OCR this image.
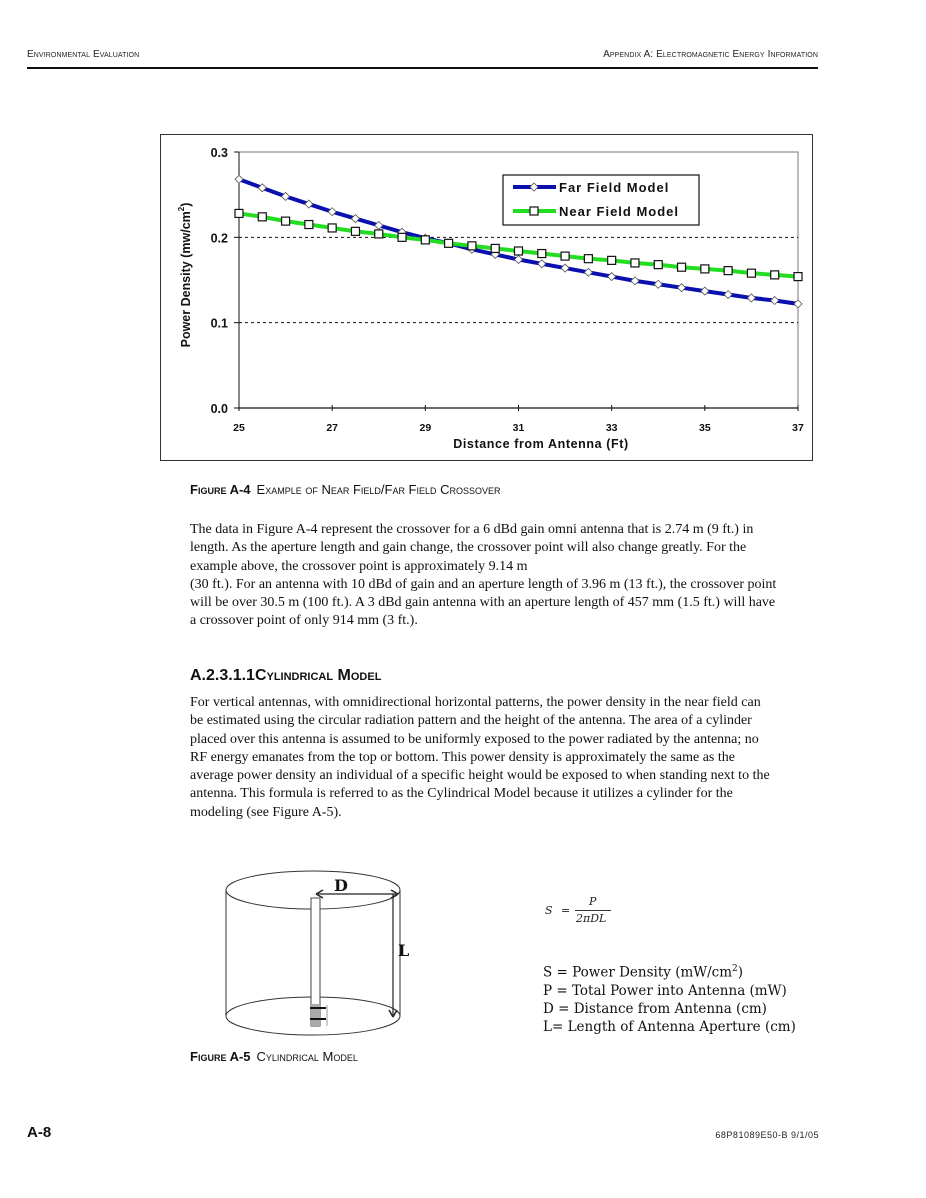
Environmental Evaluation	Appendix A: Electromagnetic Energy Information
0.0
0.1
0.2
0.3
25	27	29	31	33	35	37
Distance from Antenna (Ft)
Power Density $(mw/cm^2)$
Far Field Model
Near Field Model
Figure A-4 Example of Near Field/Far Field Crossover
The data in Figure A-4 represent the crossover for a 6 dBd gain omni antenna that is 2.74 m (9 ft.) in
length. As the aperture length and gain change, the crossover point will also change greatly. For the
example above, the crossover point is approximately 9.14 m
(30 ft.). For an antenna with 10 dBd of gain and an aperture length of 3.96 m (13 ft.), the crossover point
will be over 30.5 m (100 ft.). A 3 dBd gain antenna with an aperture length of 457 mm (1.5 ft.) will have
a crossover point of only 914 mm (3 ft.).
A.2.3.1.1Cylindrical Model
For vertical antennas, with omnidirectional horizontal patterns, the power density in the near field can
be estimated using the circular radiation pattern and the height of the antenna. The area of a cylinder
placed over this antenna is assumed to be uniformly exposed to the power radiated by the antenna; no
RF energy emanates from the top or bottom. This power density is approximately the same as the
average power density an individual of a specific height would be exposed to when standing next to the
antenna. This formula is referred to as the Cylindrical Model because it utilizes a cylinder for the
modeling (see Figure A-5).
D
L
S =
P
2πDL
S = Power Density $(mW/cm^2)$
P = Total Power into Antenna (mW)
D = Distance from Antenna (cm)
L= Length of Antenna Aperture (cm)
Figure A-5 Cylindrical Model
A-8	68P81089E50-B 9/1/05
